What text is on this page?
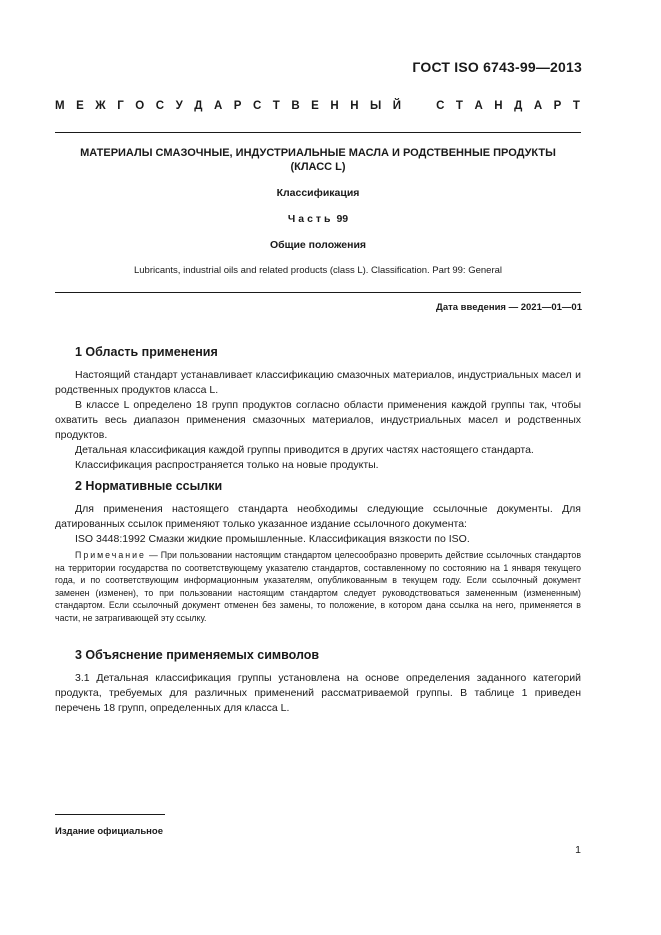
ГОСТ ISO 6743-99—2013
М Е Ж Г О С У Д А Р С Т В Е Н Н Ы Й	С Т А Н Д А Р Т
МАТЕРИАЛЫ СМАЗОЧНЫЕ, ИНДУСТРИАЛЬНЫЕ МАСЛА И РОДСТВЕННЫЕ ПРОДУКТЫ
(КЛАСС L)
Классификация
Часть 99
Общие положения
Lubricants, industrial oils and related products (class L). Classification. Part 99: General
Дата введения — 2021—01—01
1 Область применения

Настоящий стандарт устанавливает классификацию смазочных материалов, индустриальных масел и родственных продуктов класса L.

В классе L определено 18 групп продуктов согласно области применения каждой группы так, чтобы охватить весь диапазон применения смазочных материалов, индустриальных масел и родственных продуктов.

Детальная классификация каждой группы приводится в других частях настоящего стандарта.

Классификация распространяется только на новые продукты.

2 Нормативные ссылки

Для применения настоящего стандарта необходимы следующие ссылочные документы. Для датированных ссылок применяют только указанное издание ссылочного документа:

ISO 3448:1992 Смазки жидкие промышленные. Классификация вязкости по ISO.

Примечание — При пользовании настоящим стандартом целесообразно проверить действие ссылочных стандартов на территории государства по соответствующему указателю стандартов, составленному по состоянию на 1 января текущего года, и по соответствующим информационным указателям, опубликованным в текущем году. Если ссылочный документ заменен (изменен), то при пользовании настоящим стандартом следует руководствоваться замененным (измененным) стандартом. Если ссылочный документ отменен без замены, то положение, в котором дана ссылка на него, применяется в части, не затрагивающей эту ссылку.

3 Объяснение применяемых символов

3.1 Детальная классификация группы установлена на основе определения заданного категорий продукта, требуемых для различных применений рассматриваемой группы. В таблице 1 приведен перечень 18 групп, определенных для класса L.

Издание официальное
1
